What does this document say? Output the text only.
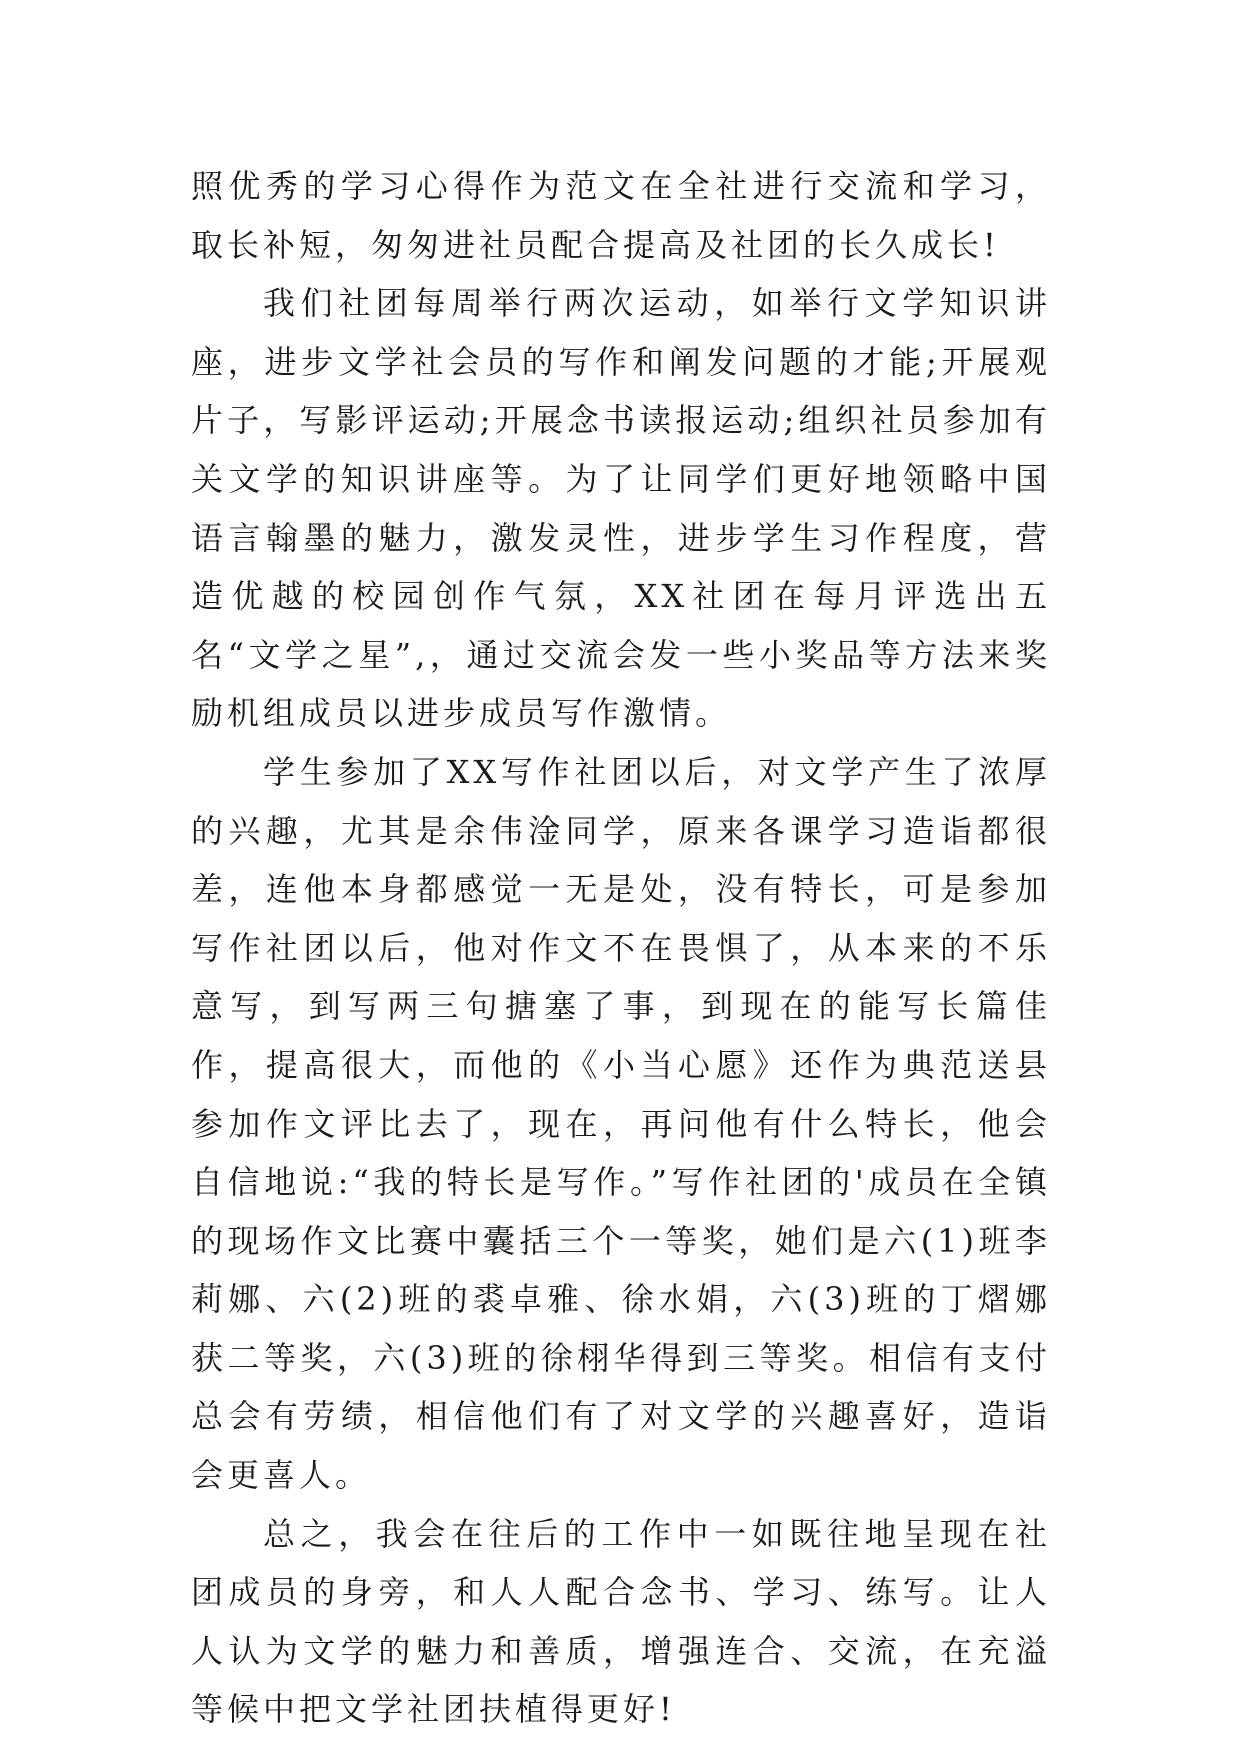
照优秀的学习心得作为范文在全社进行交流和学习，取长补短，匆匆进社员配合提高及社团的长久成长!

我们社团每周举行两次运动，如举行文学知识讲座，进步文学社会员的写作和阐发问题的才能;开展观片子，写影评运动;开展念书读报运动;组织社员参加有关文学的知识讲座等。为了让同学们更好地领略中国语言翰墨的魅力，激发灵性，进步学生习作程度，营造优越的校园创作气氛，XX社团在每月评选出五名“文学之星”,，通过交流会发一些小奖品等方法来奖励机组成员以进步成员写作激情。

学生参加了XX写作社团以后，对文学产生了浓厚的兴趣，尤其是余伟淦同学，原来各课学习造诣都很差，连他本身都感觉一无是处，没有特长，可是参加写作社团以后，他对作文不在畏惧了，从本来的不乐意写，到写两三句搪塞了事，到现在的能写长篇佳作，提高很大，而他的《小当心愿》还作为典范送县参加作文评比去了，现在，再问他有什么特长，他会自信地说:“我的特长是写作。”写作社团的'成员在全镇的现场作文比赛中囊括三个一等奖，她们是六(1)班李莉娜、六(2)班的裘卓雅、徐水娟，六(3)班的丁熠娜获二等奖，六(3)班的徐栩华得到三等奖。相信有支付总会有劳绩，相信他们有了对文学的兴趣喜好，造诣会更喜人。

总之，我会在往后的工作中一如既往地呈现在社团成员的身旁，和人人配合念书、学习、练写。让人人认为文学的魅力和善质，增强连合、交流，在充溢等候中把文学社团扶植得更好!
